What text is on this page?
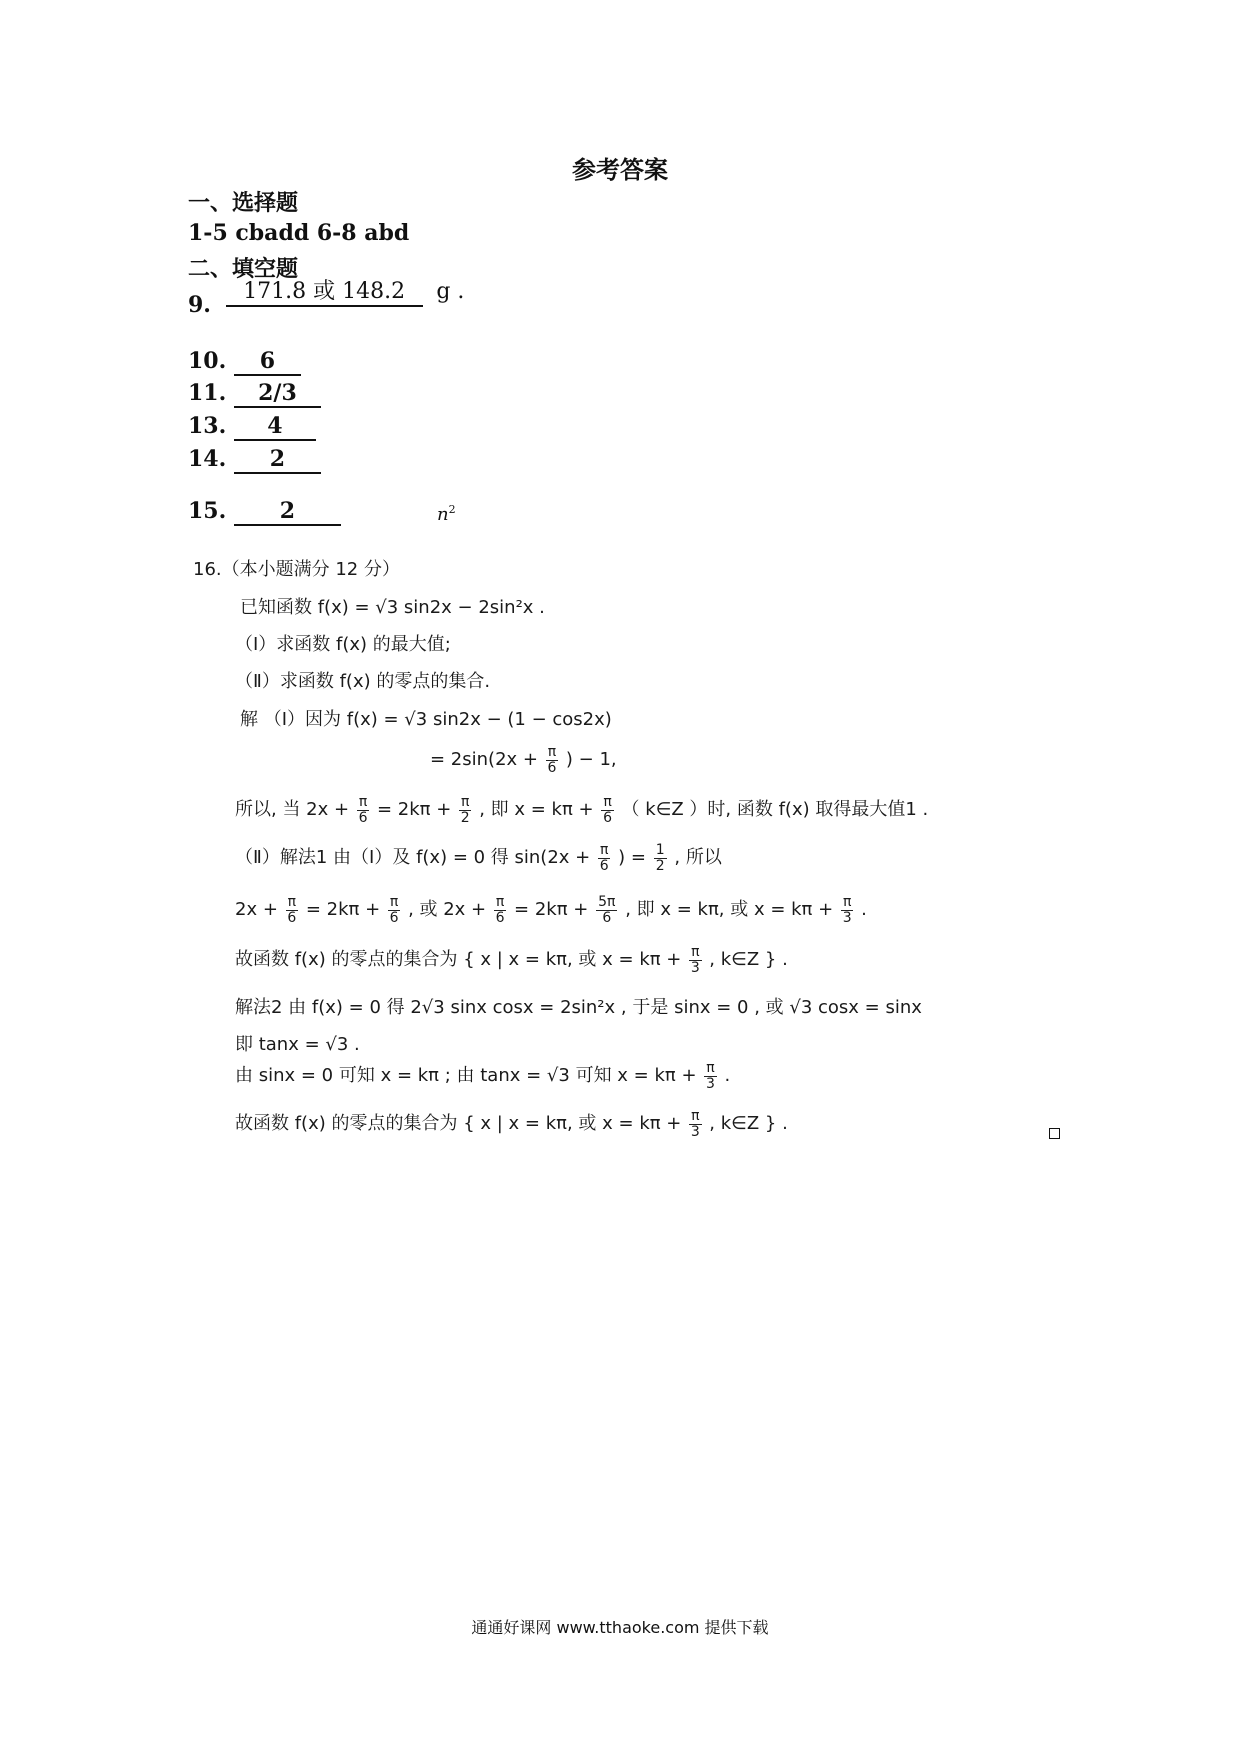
参考答案
一、选择题
1-5 cbadd 6-8 abd
二、填空题
9. 171.8 或 148.2 g .
10. 6
11. 2/3
13. 4
14. 2
15. 2	$n^2$
16.（本小题满分 12 分）
已知函数 f(x) = √3 sin2x − 2sin²x .
（Ⅰ）求函数 f(x) 的最大值;
（Ⅱ）求函数 f(x) 的零点的集合.
解 （Ⅰ）因为 f(x) = √3 sin2x − (1 − cos2x)
= $2\sin(2x + \frac{\pi}{6}$ ) − 1,
所以, 当 $2x + \frac{\pi}{6} = 2k\pi + \frac{\pi}{2}$ , 即 $x = k\pi + \frac{\pi}{6}$ （ k∈Z ）时, 函数 f(x) 取得最大值1 .
（Ⅱ）解法1 由（Ⅰ）及 f(x) = 0 得 $\sin(2x + \frac{\pi}{6}$ ) = $\frac{1}{2}$ , 所以
$2x + \frac{\pi}{6} = 2k\pi + \frac{\pi}{6}$ , 或 $2x + \frac{\pi}{6} = 2k\pi + \frac{5\pi}{6}$ , 即 x = kπ, 或 $x = k\pi + \frac{\pi}{3}$ .
故函数 f(x) 的零点的集合为 { x | x = kπ, 或 $x = k\pi + \frac{\pi}{3}$ , k∈Z } .
解法2 由 f(x) = 0 得 2√3 sinx cosx = 2sin²x , 于是 sinx = 0 , 或 √3 cosx = sinx
即 tanx = √3 .
由 sinx = 0 可知 x = kπ ; 由 tanx = √3 可知 $x = k\pi + \frac{\pi}{3}$ .
故函数 f(x) 的零点的集合为 { x | x = kπ, 或 $x = k\pi + \frac{\pi}{3}$ , k∈Z } .
通通好课网 www.tthaoke.com 提供下载
